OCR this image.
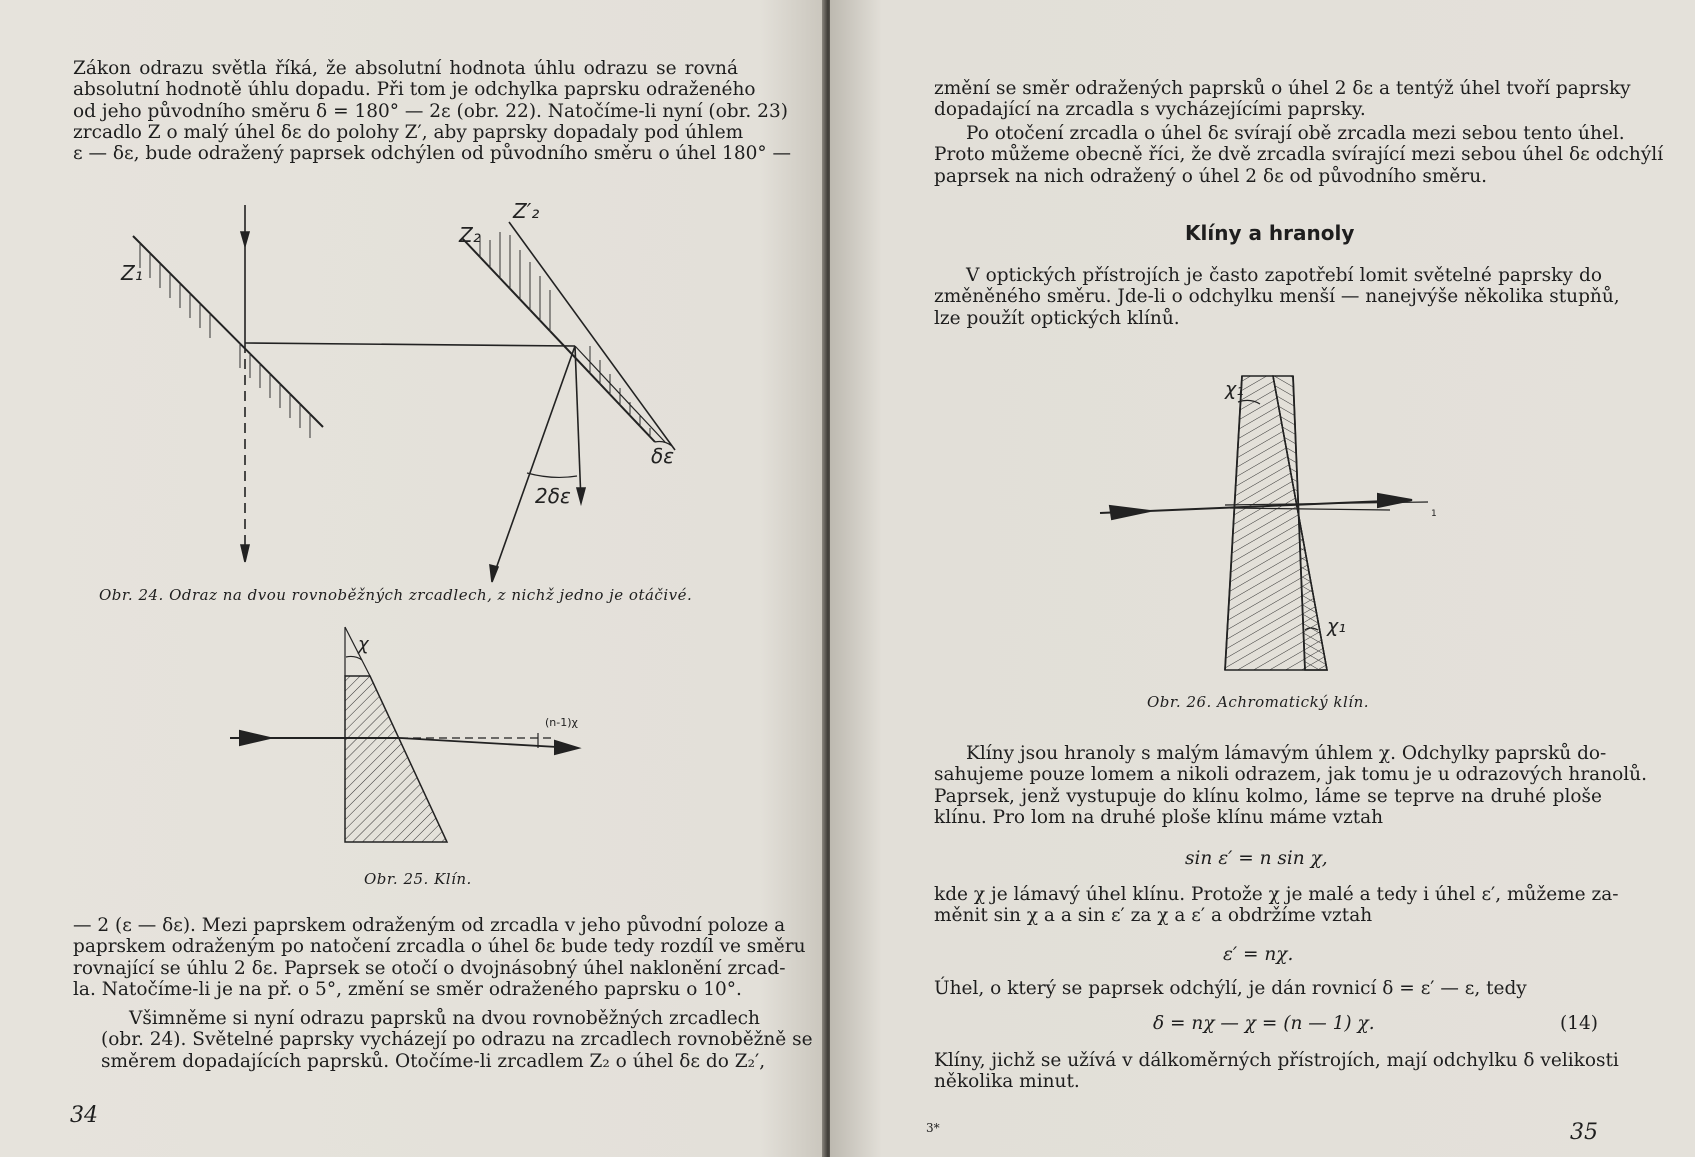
Zákon odrazu světla říká, že absolutní hodnota úhlu odrazu se rovná
absolutní hodnotě úhlu dopadu. Při tom je odchylka paprsku odraženého
od jeho původního směru δ = 180° — 2ε (obr. 22). Natočíme-li nyní (obr. 23)
zrcadlo Z o malý úhel δε do polohy Z′, aby paprsky dopadaly pod úhlem
ε — δε, bude odražený paprsek odchýlen od původního směru o úhel 180° —
Z₁
Z₂
Z′₂
δε
2δε
Obr. 24. Odraz na dvou rovnoběžných zrcadlech, z nichž jedno je otáčivé.
χ
(n-1)χ
Obr. 25. Klín.
— 2 (ε — δε). Mezi paprskem odraženým od zrcadla v jeho původní poloze a
paprskem odraženým po natočení zrcadla o úhel δε bude tedy rozdíl ve směru
rovnající se úhlu 2 δε. Paprsek se otočí o dvojnásobný úhel naklonění zrcad-
la. Natočíme-li je na př. o 5°, změní se směr odraženého paprsku o 10°.
Všimněme si nyní odrazu paprsků na dvou rovnoběžných zrcadlech
(obr. 24). Světelné paprsky vycházejí po odrazu na zrcadlech rovnoběžně se
směrem dopadajících paprsků. Otočíme-li zrcadlem Z₂ o úhel δε do Z₂′,
34
změní se směr odražených paprsků o úhel 2 δε a tentýž úhel tvoří paprsky
dopadající na zrcadla s vycházejícími paprsky.
Po otočení zrcadla o úhel δε svírají obě zrcadla mezi sebou tento úhel.
Proto můžeme obecně říci, že dvě zrcadla svírající mezi sebou úhel δε odchýlí
paprsek na nich odražený o úhel 2 δε od původního směru.
Klíny a hranoly
V optických přístrojích je často zapotřebí lomit světelné paprsky do
změněného směru. Jde-li o odchylku menší — nanejvýše několika stupňů,
lze použít optických klínů.
χ₁
χ₁
1
Obr. 26. Achromatický klín.
Klíny jsou hranoly s malým lámavým úhlem χ. Odchylky paprsků do-
sahujeme pouze lomem a nikoli odrazem, jak tomu je u odrazových hranolů.
Paprsek, jenž vystupuje do klínu kolmo, láme se teprve na druhé ploše
klínu. Pro lom na druhé ploše klínu máme vztah
sin ε′ = n sin χ,
kde χ je lámavý úhel klínu. Protože χ je malé a tedy i úhel ε′, můžeme za-
měnit sin χ a a sin ε′ za χ a ε′ a obdržíme vztah
ε′ = nχ.
Úhel, o který se paprsek odchýlí, je dán rovnicí δ = ε′ — ε, tedy
δ = nχ — χ = (n — 1) χ.	(14)
Klíny, jichž se užívá v dálkoměrných přístrojích, mají odchylku δ velikosti
několika minut.
3*	35
